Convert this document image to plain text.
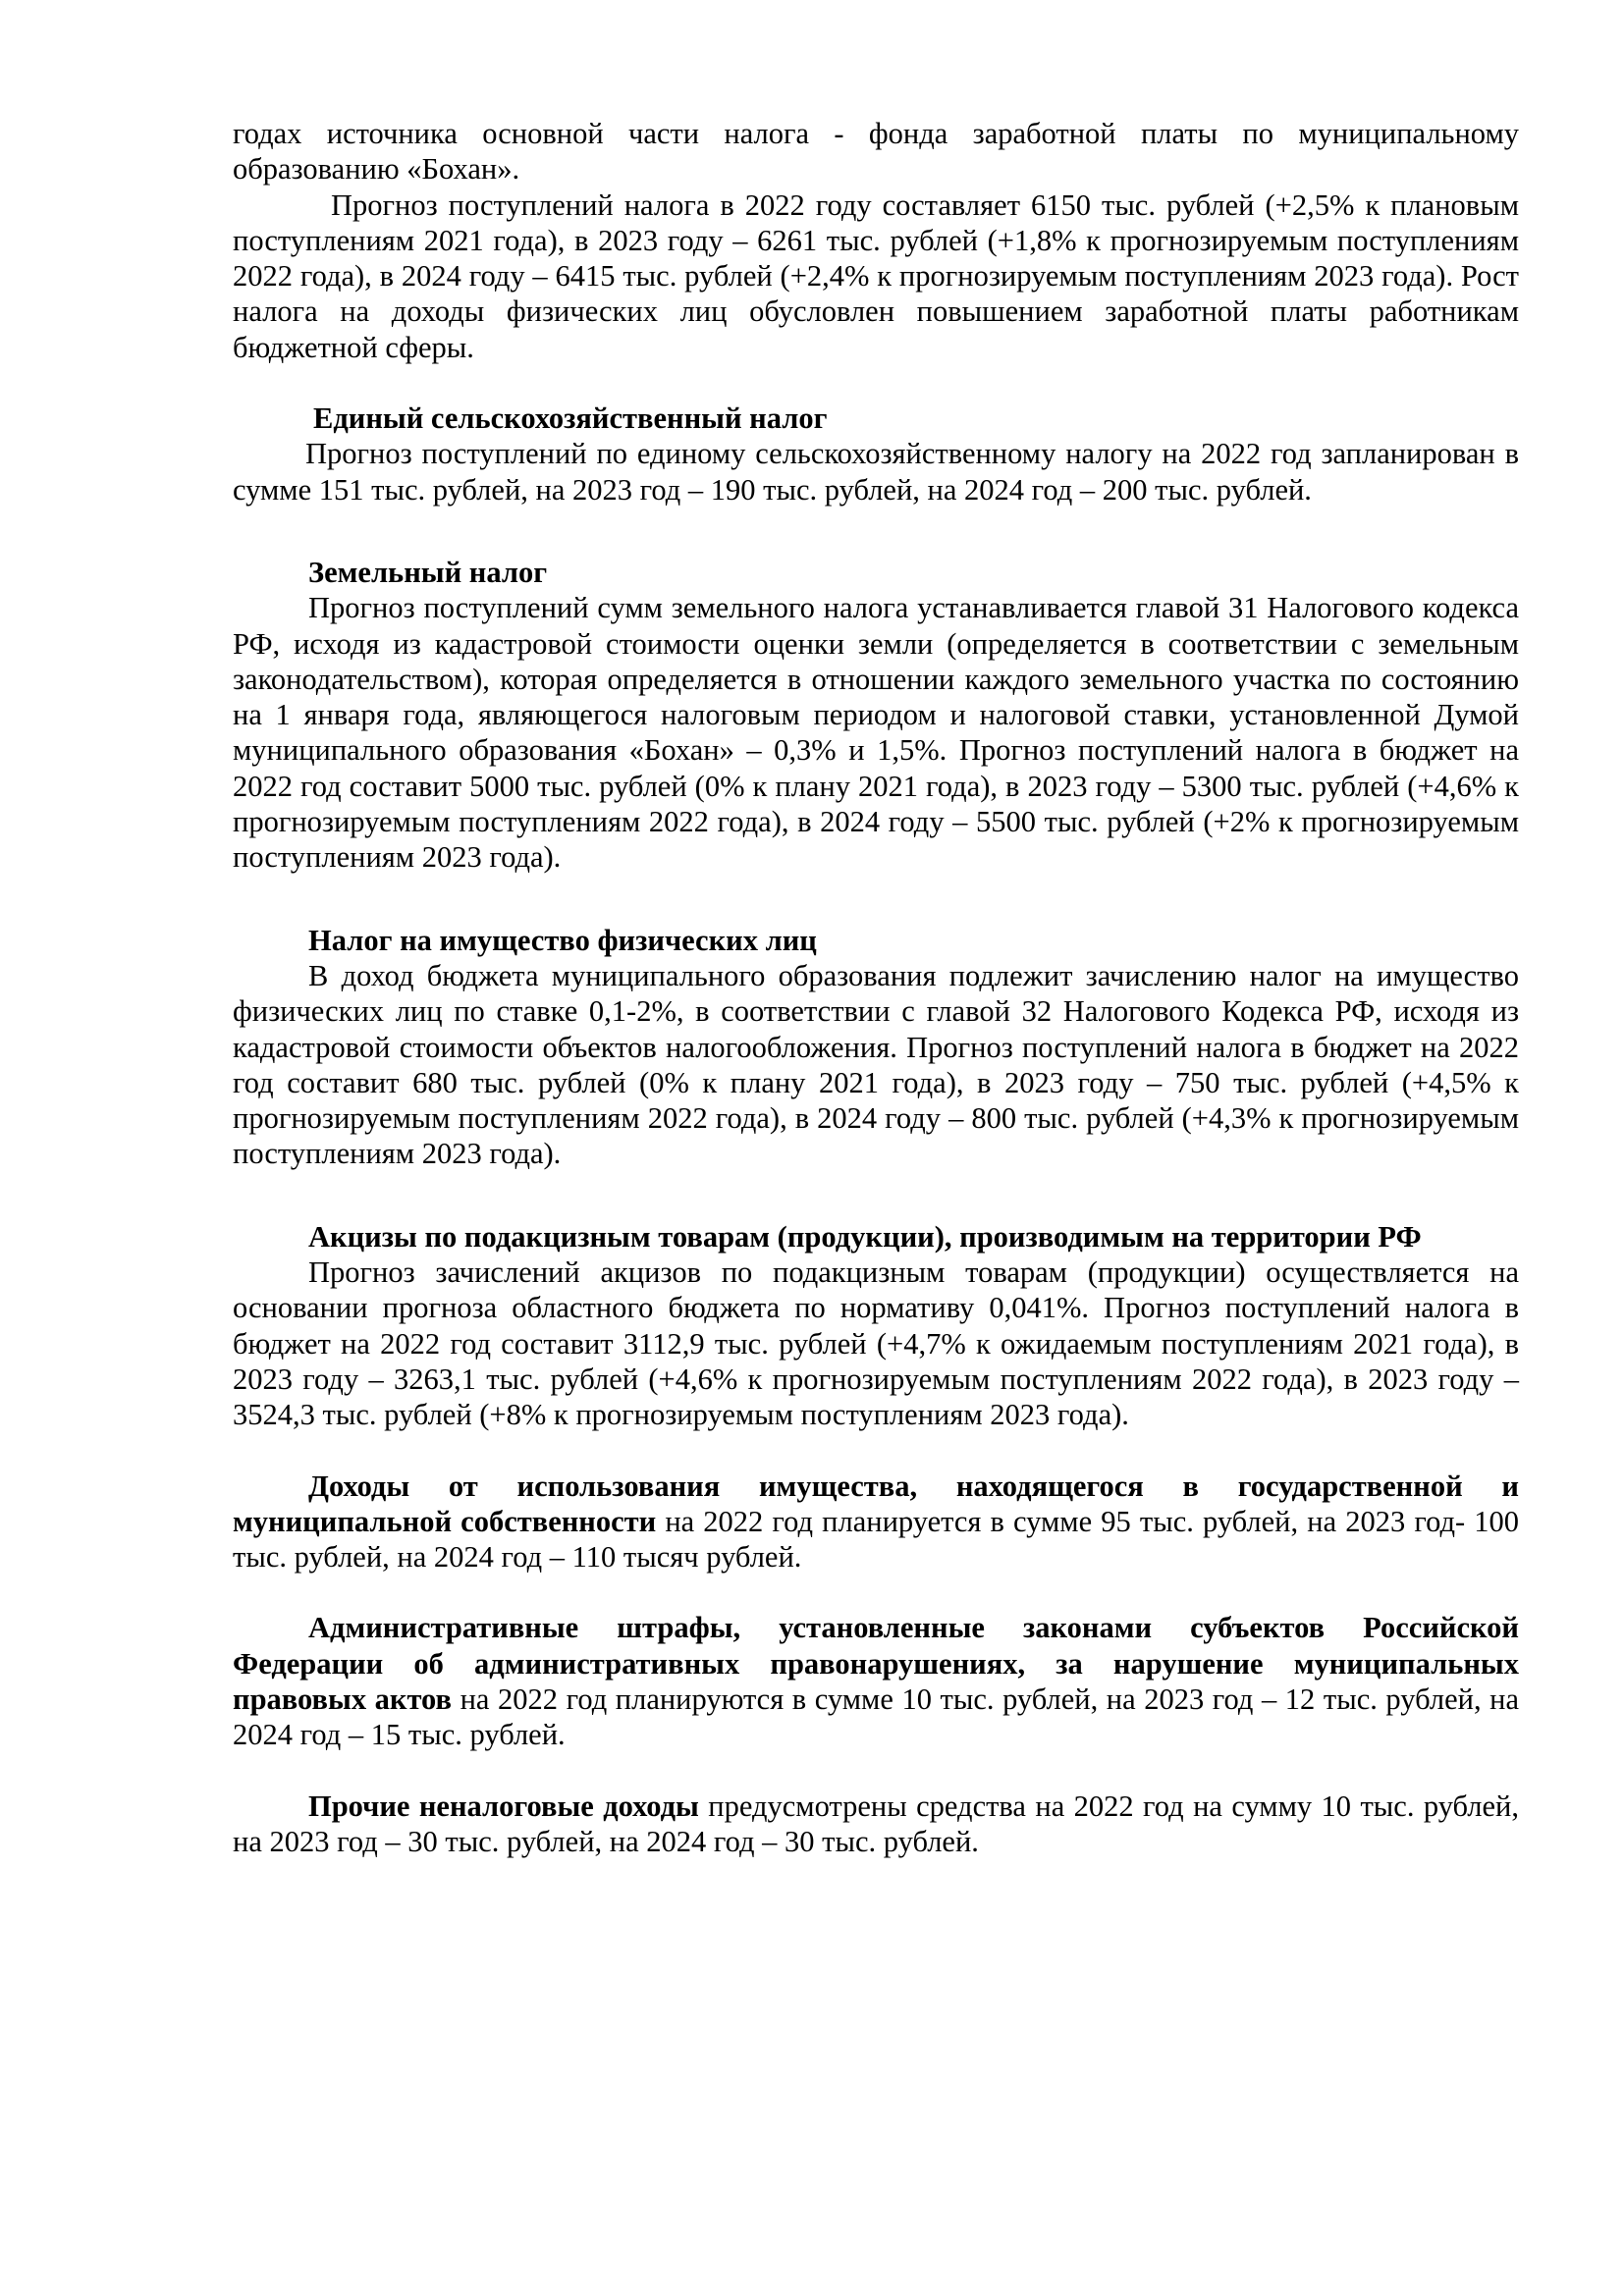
годах источника основной части налога - фонда заработной платы по муниципальному образованию «Бохан».

Прогноз поступлений налога в 2022 году составляет 6150 тыс. рублей (+2,5% к плановым поступлениям 2021 года), в 2023 году – 6261 тыс. рублей (+1,8% к прогнозируемым поступлениям 2022 года), в 2024 году – 6415 тыс. рублей (+2,4% к прогнозируемым поступлениям 2023 года). Рост налога на доходы физических лиц обусловлен повышением заработной платы работникам бюджетной сферы.

Единый сельскохозяйственный налог

Прогноз поступлений по единому сельскохозяйственному налогу на 2022 год запланирован в сумме 151 тыс. рублей, на 2023 год – 190 тыс. рублей, на 2024 год – 200 тыс. рублей.

Земельный налог

Прогноз поступлений сумм земельного налога устанавливается главой 31 Налогового кодекса РФ, исходя из кадастровой стоимости оценки земли (определяется в соответствии с земельным законодательством), которая определяется в отношении каждого земельного участка по состоянию на 1 января года, являющегося налоговым периодом и налоговой ставки, установленной Думой муниципального образования «Бохан» – 0,3% и 1,5%. Прогноз поступлений налога в бюджет на 2022 год составит 5000 тыс. рублей (0% к плану 2021 года), в 2023 году – 5300 тыс. рублей (+4,6% к прогнозируемым поступлениям 2022 года), в 2024 году – 5500 тыс. рублей (+2% к прогнозируемым поступлениям 2023 года).

Налог на имущество физических лиц

В доход бюджета муниципального образования подлежит зачислению налог на имущество физических лиц по ставке 0,1-2%, в соответствии с главой 32 Налогового Кодекса РФ, исходя из кадастровой стоимости объектов налогообложения. Прогноз поступлений налога в бюджет на 2022 год составит 680 тыс. рублей (0% к плану 2021 года), в 2023 году – 750 тыс. рублей (+4,5% к прогнозируемым поступлениям 2022 года), в 2024 году – 800 тыс. рублей (+4,3% к прогнозируемым поступлениям 2023 года).

Акцизы по подакцизным товарам (продукции), производимым на территории РФ

Прогноз зачислений акцизов по подакцизным товарам (продукции) осуществляется на основании прогноза областного бюджета по нормативу 0,041%. Прогноз поступлений налога в бюджет на 2022 год составит 3112,9 тыс. рублей (+4,7% к ожидаемым поступлениям 2021 года), в 2023 году – 3263,1 тыс. рублей (+4,6% к прогнозируемым поступлениям 2022 года), в 2023 году – 3524,3 тыс. рублей (+8% к прогнозируемым поступлениям 2023 года).

Доходы от использования имущества, находящегося в государственной и муниципальной собственности на 2022 год планируется в сумме 95 тыс. рублей, на 2023 год- 100 тыс. рублей, на 2024 год – 110 тысяч рублей.

Административные штрафы, установленные законами субъектов Российской Федерации об административных правонарушениях, за нарушение муниципальных правовых актов на 2022 год планируются в сумме 10 тыс. рублей, на 2023 год – 12 тыс. рублей, на 2024 год – 15 тыс. рублей.

Прочие неналоговые доходы предусмотрены средства на 2022 год на сумму 10 тыс. рублей, на 2023 год – 30 тыс. рублей, на 2024 год – 30 тыс. рублей.
